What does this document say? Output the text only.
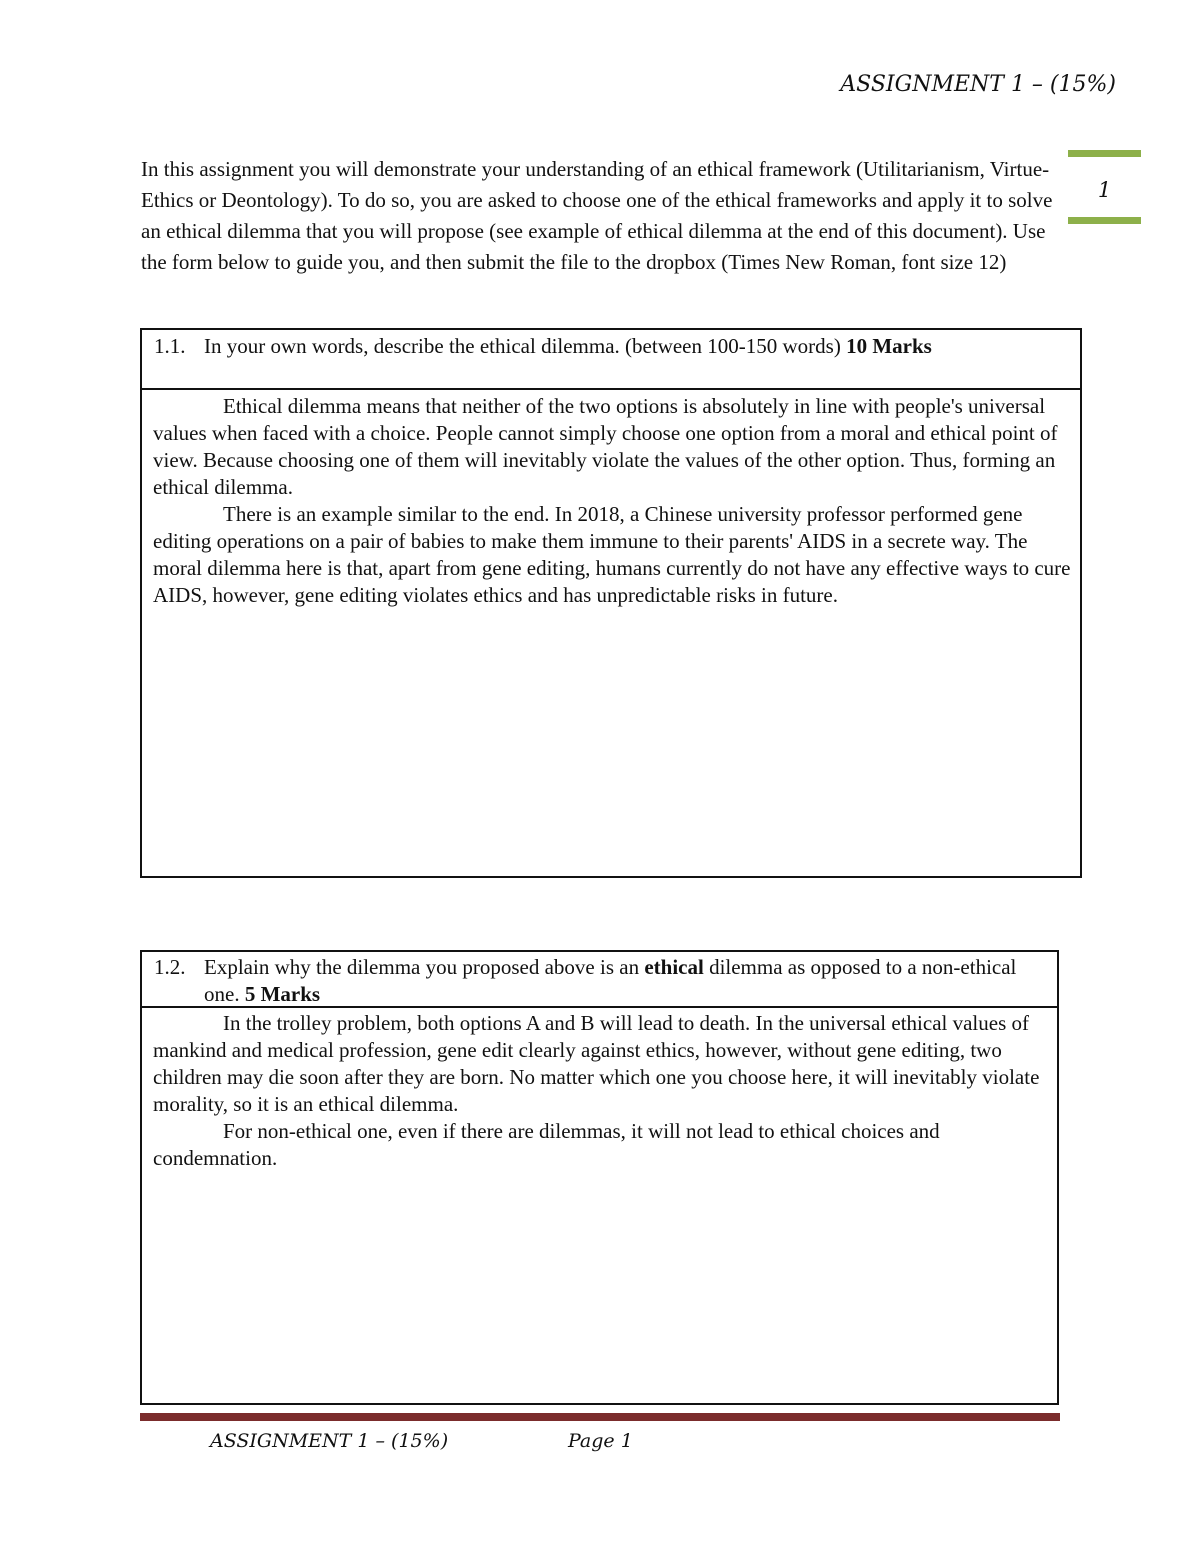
ASSIGNMENT 1 – (15%)
1

In this assignment you will demonstrate your understanding of an ethical framework (Utilitarianism, Virtue-Ethics or Deontology). To do so, you are asked to choose one of the ethical frameworks and apply it to solve an ethical dilemma that you will propose (see example of ethical dilemma at the end of this document). Use the form below to guide you, and then submit the file to the dropbox (Times New Roman, font size 12)

1.1. In your own words, describe the ethical dilemma. (between 100-150 words) 10 Marks

Ethical dilemma means that neither of the two options is absolutely in line with people's universal values when faced with a choice. People cannot simply choose one option from a moral and ethical point of view. Because choosing one of them will inevitably violate the values of the other option. Thus, forming an ethical dilemma.

There is an example similar to the end. In 2018, a Chinese university professor performed gene editing operations on a pair of babies to make them immune to their parents' AIDS in a secrete way. The moral dilemma here is that, apart from gene editing, humans currently do not have any effective ways to cure AIDS, however, gene editing violates ethics and has unpredictable risks in future.

1.2. Explain why the dilemma you proposed above is an ethical dilemma as opposed to a non-ethical one. 5 Marks

In the trolley problem, both options A and B will lead to death. In the universal ethical values of mankind and medical profession, gene edit clearly against ethics, however, without gene editing, two children may die soon after they are born. No matter which one you choose here, it will inevitably violate morality, so it is an ethical dilemma.

For non-ethical one, even if there are dilemmas, it will not lead to ethical choices and condemnation.

ASSIGNMENT 1 – (15%)	Page 1
